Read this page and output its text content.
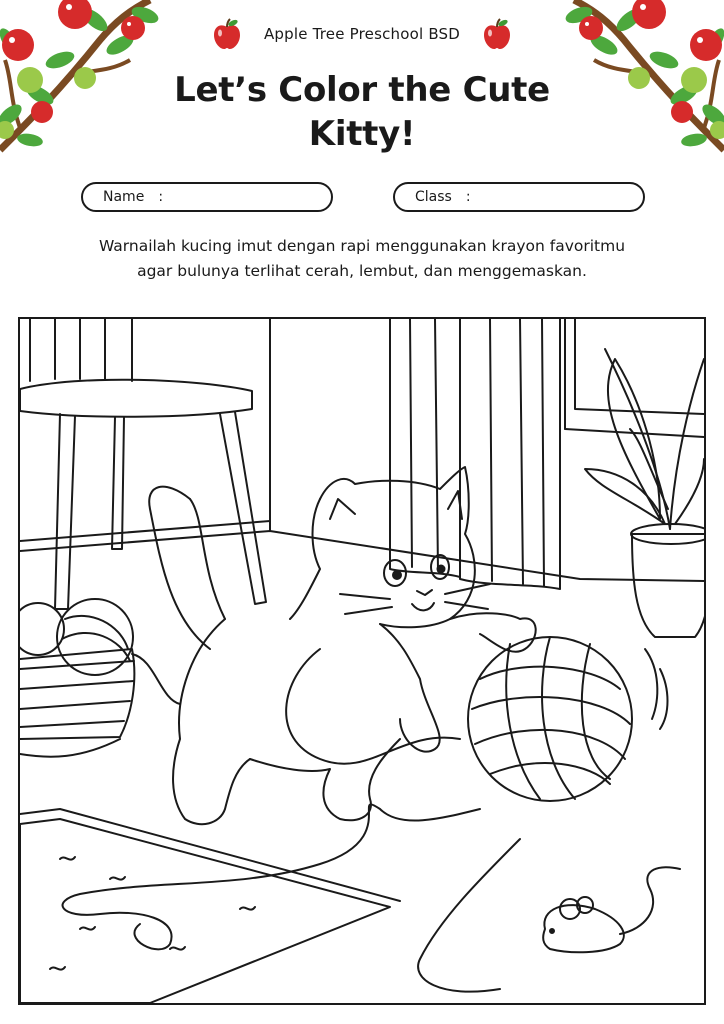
Apple Tree Preschool BSD
Let’s Color the Cute
Kitty!
Name :	Class :

Warnailah kucing imut dengan rapi menggunakan krayon favoritmu
agar bulunya terlihat cerah, lembut, dan menggemaskan.
